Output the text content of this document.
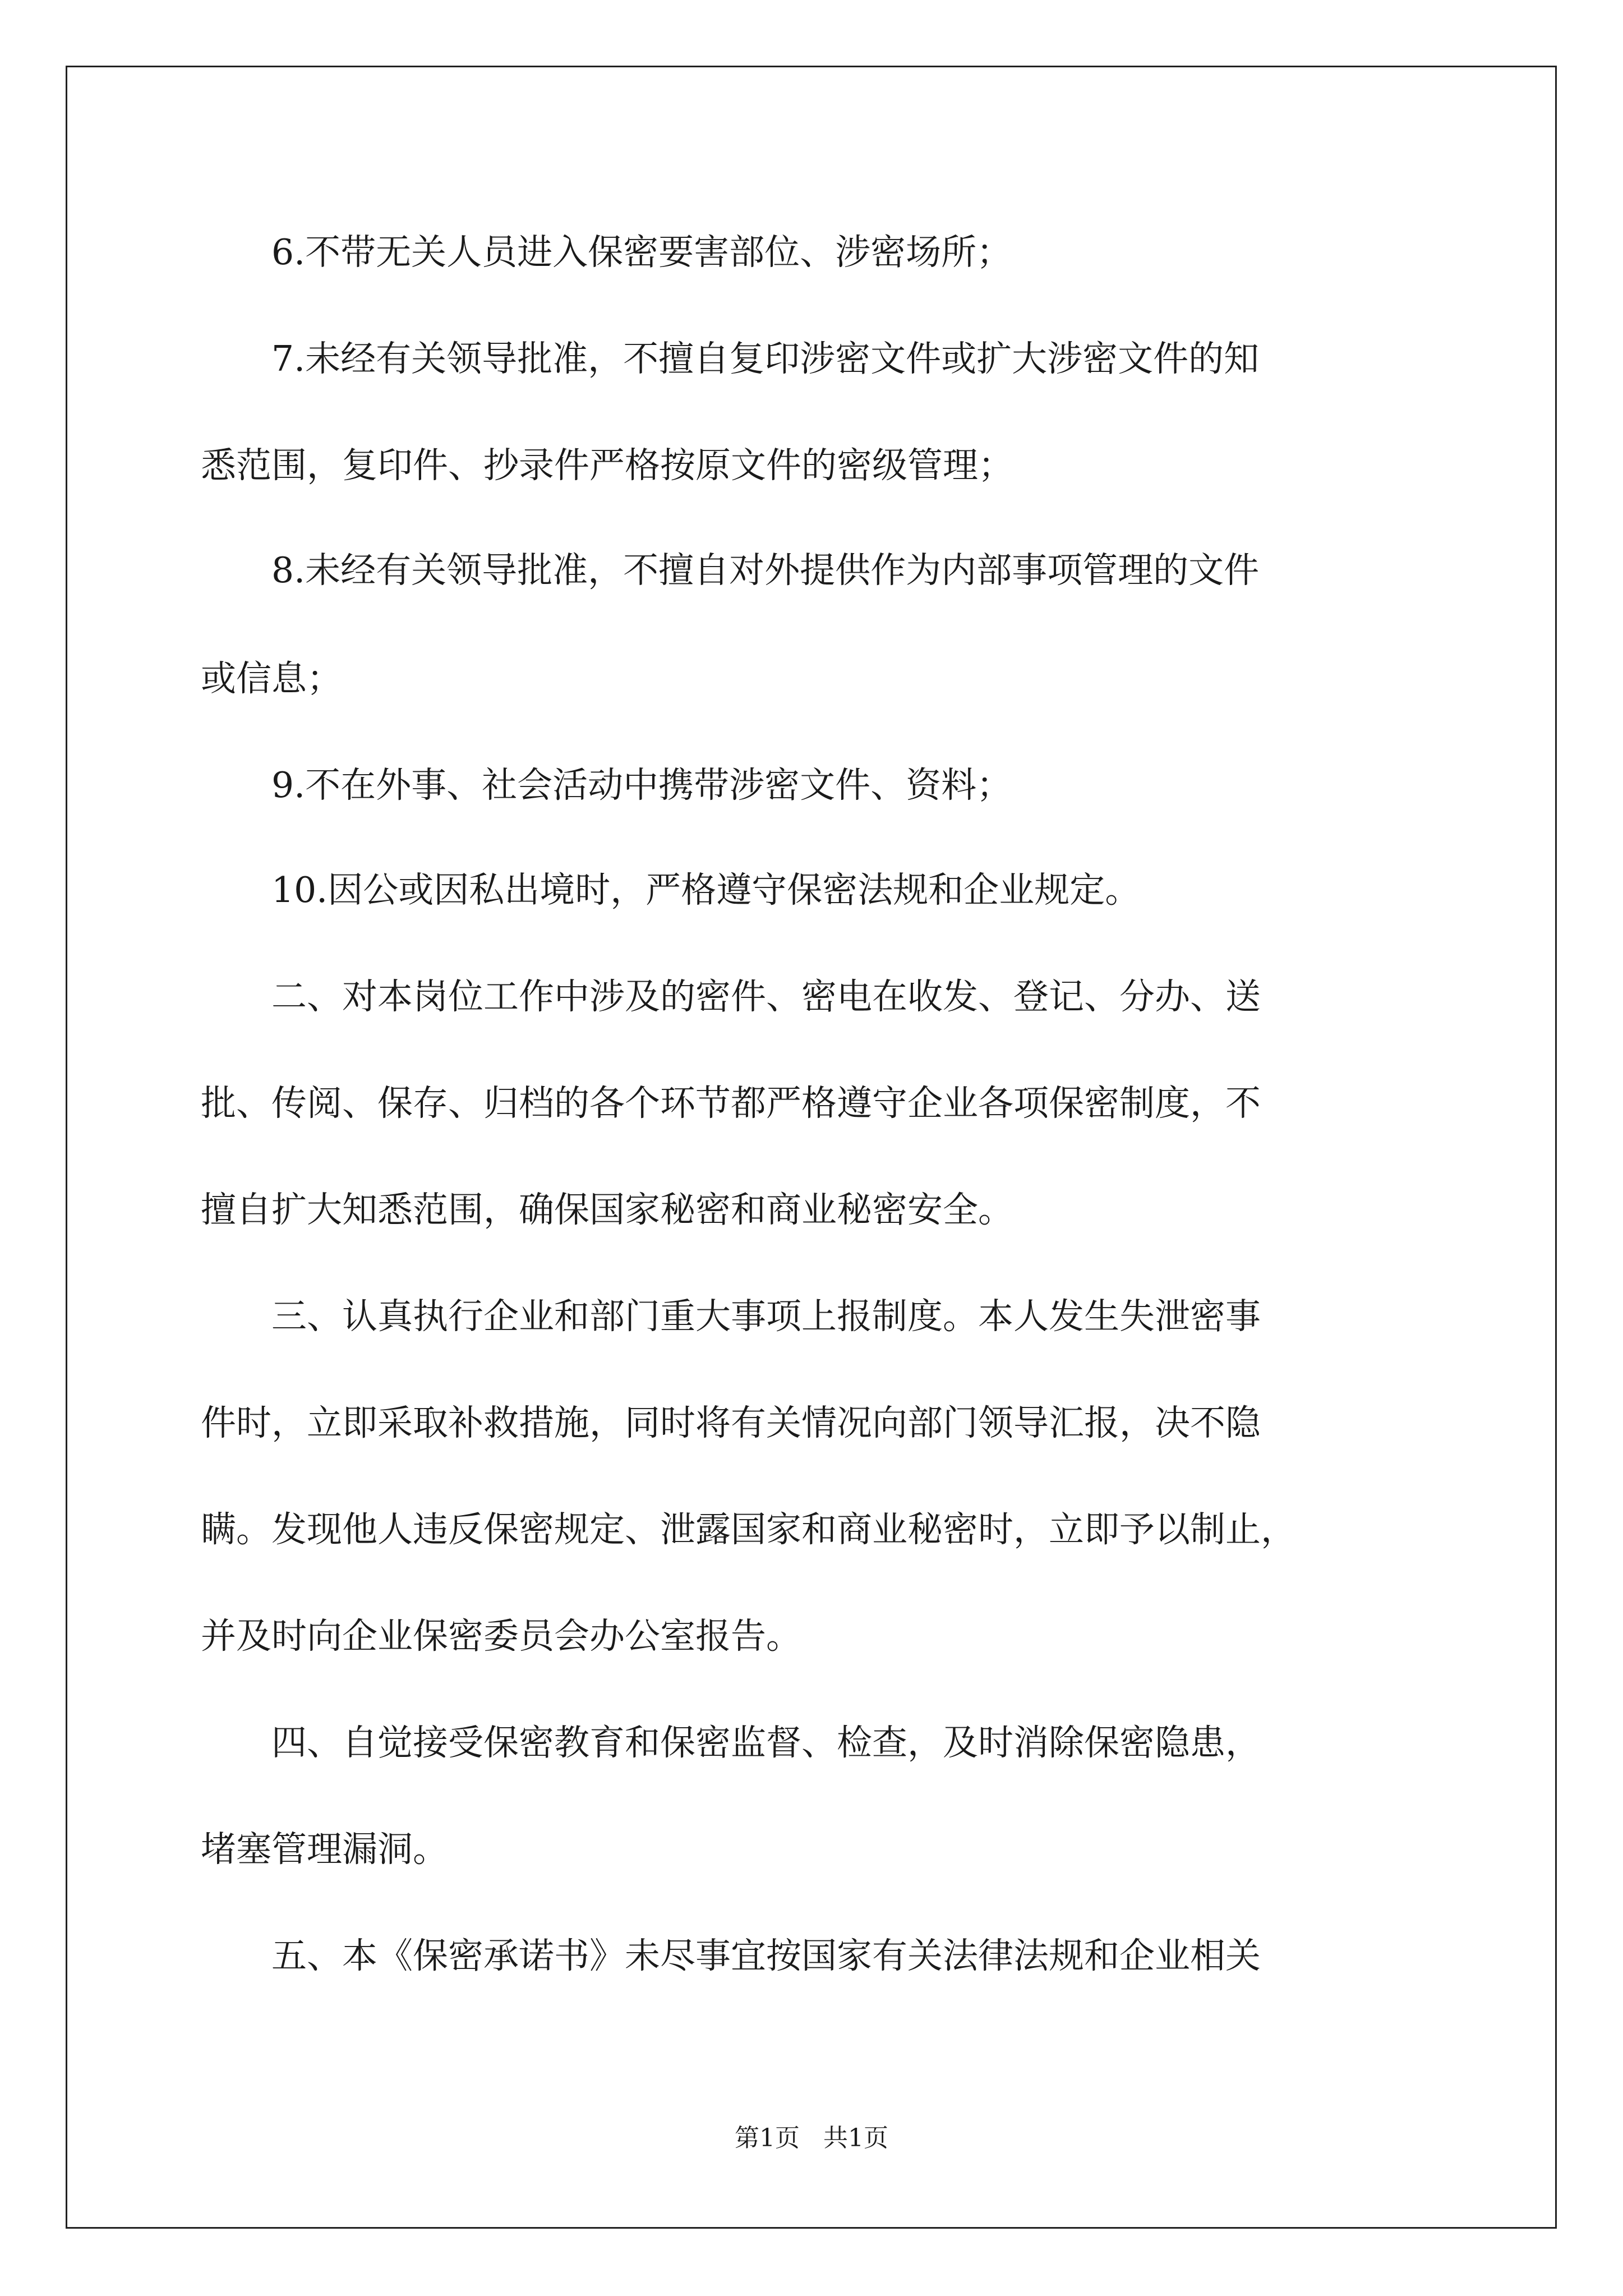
　　6.不带无关人员进入保密要害部位、涉密场所；

　　7.未经有关领导批准，不擅自复印涉密文件或扩大涉密文件的知

悉范围，复印件、抄录件严格按原文件的密级管理；

　　8.未经有关领导批准，不擅自对外提供作为内部事项管理的文件

或信息；

　　9.不在外事、社会活动中携带涉密文件、资料；

　　10.因公或因私出境时，严格遵守保密法规和企业规定。

　　二、对本岗位工作中涉及的密件、密电在收发、登记、分办、送

批、传阅、保存、归档的各个环节都严格遵守企业各项保密制度，不

擅自扩大知悉范围，确保国家秘密和商业秘密安全。

　　三、认真执行企业和部门重大事项上报制度。本人发生失泄密事

件时，立即采取补救措施，同时将有关情况向部门领导汇报，决不隐

瞒。发现他人违反保密规定、泄露国家和商业秘密时，立即予以制止，

并及时向企业保密委员会办公室报告。

　　四、自觉接受保密教育和保密监督、检查，及时消除保密隐患，

堵塞管理漏洞。

　　五、本《保密承诺书》未尽事宜按国家有关法律法规和企业相关

第1页   共1页
